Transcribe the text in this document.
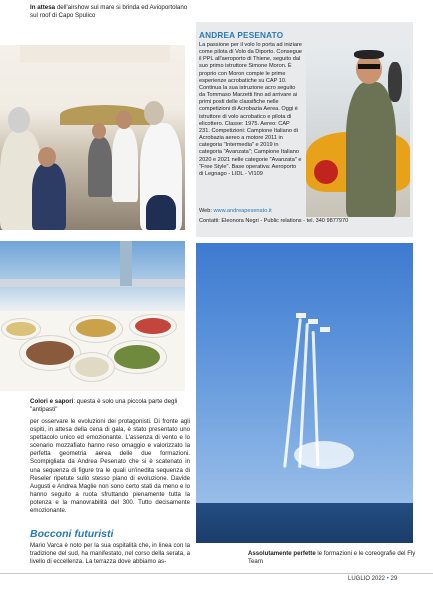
In attesa dell'airshow sul mare si brinda ed Avioportolano sul roof di Capo Spulico
ANDREA PESENATO
La passione per il volo lo porta ad iniziare come pilota di Volo da Diporto. Consegue il PPL all'aeroporto di Thiene, seguito dal suo primo istruttore Simone Moron. È proprio con Moron compie le prime esperienze acrobatiche su CAP 10. Continua la sua istruzione acro seguito da Tommaso Marzetti fino ad arrivare ai primi posti delle classifiche nelle competizioni di Acrobazia Aerea. Oggi è istruttore di volo acrobatico e pilota di elicottero. Classe: 1975. Aereo: CAP 231. Competizioni: Campione Italiano di Acrobazia aereo a motore 2011 in categoria "Intermedia" e 2019 in categoria "Avanzata"; Campione Italiano 2020 e 2021 nelle categorie "Avanzata" e "Free Style". Base operativa: Aeroporto di Legnago - LIDL - VI109
Web: www.andreapesenato.it
Contatti: Eleonora Negri - Public relations - tel. 340 9877970
Colori e sapori: questa è solo una piccola parte degli "antipasti"
per osservare le evoluzioni dei protagonisti. Di fronte agli ospiti, in attesa della cena di gala, è stato presentato uno spettacolo unico ed emozionante. L'assenza di vento e lo scenario mozzafiato hanno reso omaggio e valorizzato la perfetta geometria aerea delle due formazioni. Scompigliata da Andrea Pesenato che si è scatenato in una sequenza di figure tra le quali un'inedita sequenza di Reseler ripetute sullo stesso piano di evoluzione. Davide Augusti e Andrea Maglie non sono certo stati da meno e lo hanno seguito a ruota sfruttando pienamente tutta la potenza e la manovrabilità del 300. Tutto decisamente emozionante.
Bocconi futuristi
Mario Varca è noto per la sua ospitalità che, in linea con la tradizione del sud, ha manifestato, nel corso della serata, a livello di eccellenza. La terrazza dove abbiamo as-
Assolutamente perfette le formazioni e le coreografie del Fly Team
LUGLIO 2022 • 29
